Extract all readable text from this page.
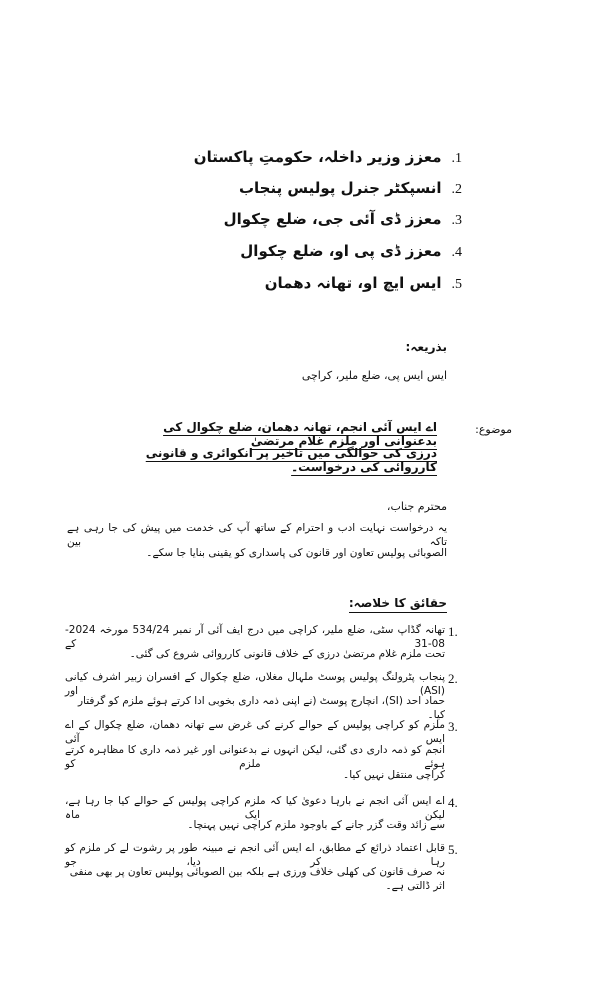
1.معزز وزیر داخلہ، حکومتِ پاکستان
2.انسپکٹر جنرل پولیس پنجاب
3.معزز ڈی آئی جی، ضلع چکوال
4.معزز ڈی پی او، ضلع چکوال
5.ایس ایچ او، تھانہ دھمان
بذریعہ:
ایس ایس پی، ضلع ملیر، کراچی
موضوع:
اے ایس آئی انجم، تھانہ دھمان، ضلع چکوال کی بدعنوانی اور ملزم غلام مرتضیٰ
درزی کی حوالگی میں تاخیر پر انکوائری و قانونی کارروائی کی درخواست۔
محترم جناب،
یہ درخواست نہایت ادب و احترام کے ساتھ آپ کی خدمت میں پیش کی جا رہی ہے تاکہ بین
الصوبائی پولیس تعاون اور قانون کی پاسداری کو یقینی بنایا جا سکے۔
حقائق کا خلاصہ:
1.
تھانہ گڈاپ سٹی، ضلع ملیر، کراچی میں درج ایف آئی آر نمبر 534/24 مورخہ 2024-08-31 کے
تحت ملزم غلام مرتضیٰ درزی کے خلاف قانونی کارروائی شروع کی گئی۔
2.
پنجاب پٹرولنگ پولیس پوسٹ ملہال مغلاں، ضلع چکوال کے افسران زبیر اشرف کیانی (ASI) اور
حماد احد (SI)، انچارج پوسٹ (نے اپنی ذمہ داری بخوبی ادا کرتے ہوئے ملزم کو گرفتار کیا۔
3.
ملزم کو کراچی پولیس کے حوالے کرنے کی غرض سے تھانہ دھمان، ضلع چکوال کے اے ایس آئی
انجم کو ذمہ داری دی گئی، لیکن انہوں نے بدعنوانی اور غیر ذمہ داری کا مظاہرہ کرتے ہوئے ملزم کو
کراچی منتقل نہیں کیا۔
4.
اے ایس آئی انجم نے بارہا دعویٰ کیا کہ ملزم کراچی پولیس کے حوالے کیا جا رہا ہے، لیکن ایک ماہ
سے زائد وقت گزر جانے کے باوجود ملزم کراچی نہیں پہنچا۔
5.
قابل اعتماد ذرائع کے مطابق، اے ایس آئی انجم نے مبینہ طور پر رشوت لے کر ملزم کو رہا کر دیا، جو
نہ صرف قانون کی کھلی خلاف ورزی ہے بلکہ بین الصوبائی پولیس تعاون پر بھی منفی اثر ڈالتی ہے۔
